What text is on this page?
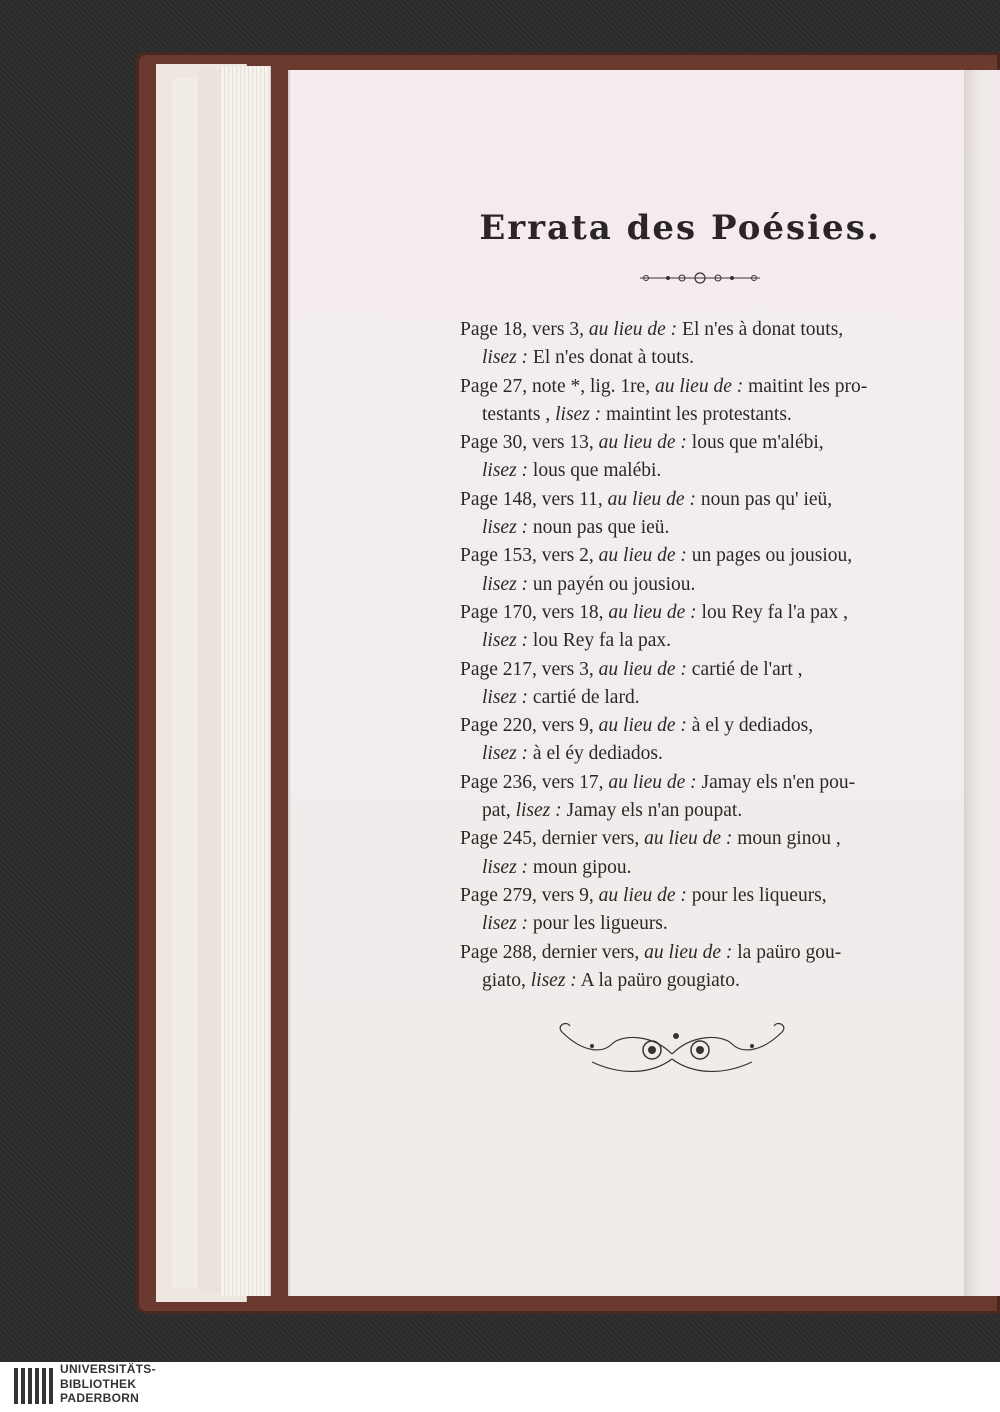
Errata des Poésies.

Page 18, vers 3, au lieu de : El n'es à donat touts,
lisez : El n'es donat à touts.

Page 27, note *, lig. 1re, au lieu de : maitint les pro-
testants , lisez : maintint les protestants.

Page 30, vers 13, au lieu de : lous que m'alébi,
lisez : lous que malébi.

Page 148, vers 11, au lieu de : noun pas qu' ieü,
lisez : noun pas que ieü.

Page 153, vers 2, au lieu de : un pages ou jousiou,
lisez : un payén ou jousiou.

Page 170, vers 18, au lieu de : lou Rey fa l'a pax ,
lisez : lou Rey fa la pax.

Page 217, vers 3, au lieu de : cartié de l'art ,
lisez : cartié de lard.

Page 220, vers 9, au lieu de : à el y dediados,
lisez : à el éy dediados.

Page 236, vers 17, au lieu de : Jamay els n'en pou-
pat, lisez : Jamay els n'an poupat.

Page 245, dernier vers, au lieu de : moun ginou ,
lisez : moun gipou.

Page 279, vers 9, au lieu de : pour les liqueurs,
lisez : pour les ligueurs.

Page 288, dernier vers, au lieu de : la paüro gou-
giato, lisez : A la paüro gougiato.

UNIVERSITÄTS-
BIBLIOTHEK
PADERBORN
